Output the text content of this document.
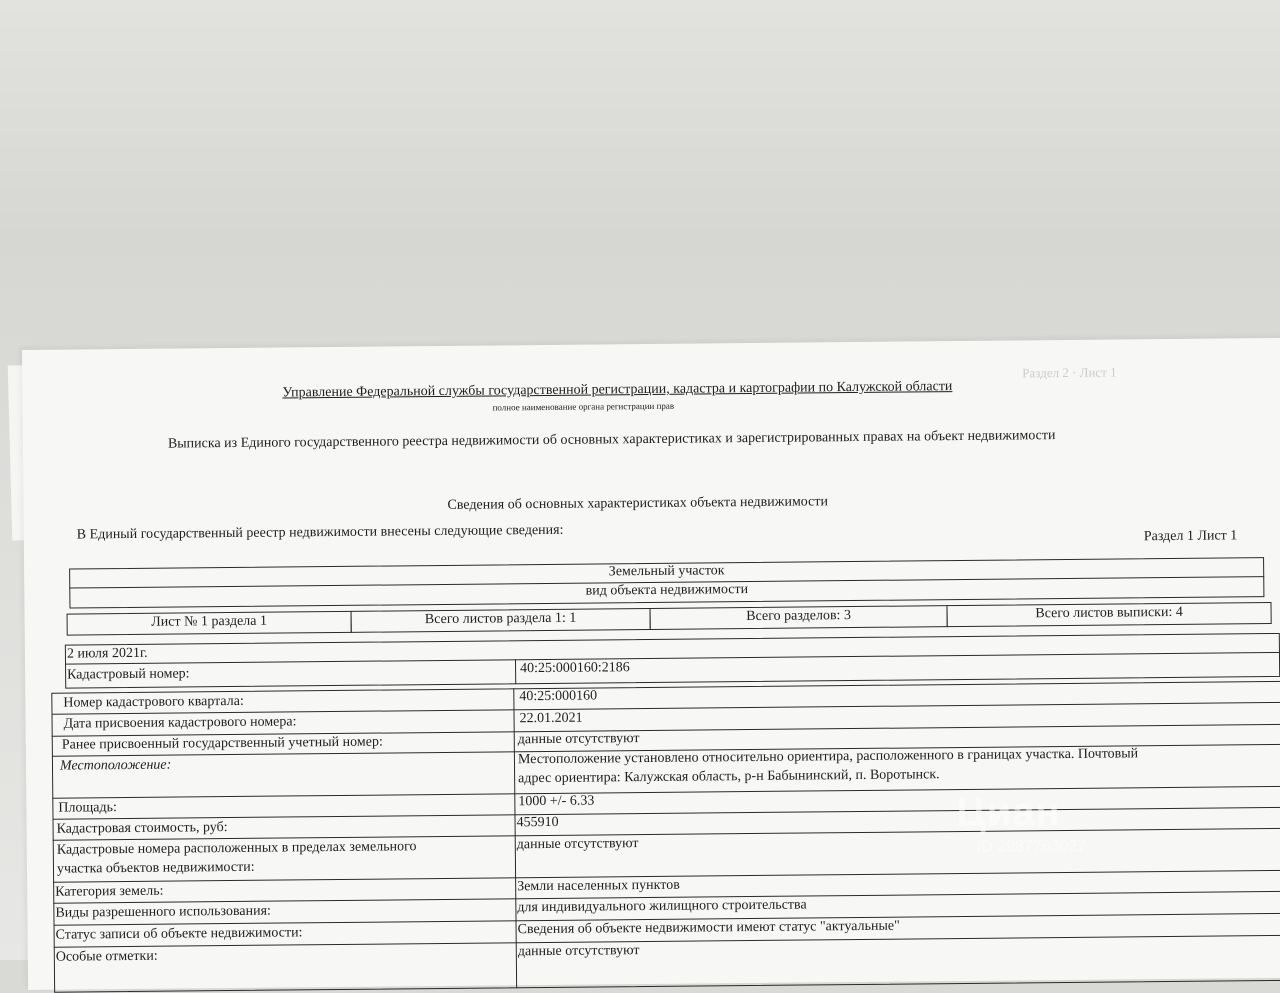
Раздел 2 · Лист 1
Управление Федеральной службы государственной регистрации, кадастра и картографии по Калужской области
полное наименование органа регистрации прав
Выписка из Единого государственного реестра недвижимости об основных характеристиках и зарегистрированных правах на объект недвижимости
Сведения об основных характеристиках объекта недвижимости
В Единый государственный реестр недвижимости внесены следующие сведения:	Раздел 1 Лист 1
Земельный участок
вид объекта недвижимости
Лист № 1 раздела 1	Всего листов раздела 1: 1	Всего разделов: 3	Всего листов выписки: 4
2 июля 2021г.
Кадастровый номер:	40:25:000160:2186
Номер кадастрового квартала:	40:25:000160
Дата присвоения кадастрового номера:	22.01.2021
Ранее присвоенный государственный учетный номер:	данные отсутствуют
Местоположение:	Местоположение установлено относительно ориентира, расположенного в границах участка. Почтовый
адрес ориентира: Калужская область, р-н Бабынинский, п. Воротынск.
Площадь:	1000 +/- 6.33
Кадастровая стоимость, руб:	455910
Кадастровые номера расположенных в пределах земельного
участка объектов недвижимости:
данные отсутствуют
Категория земель:	Земли населенных пунктов
Виды разрешенного использования:	для индивидуального жилищного строительства
Статус записи об объекте недвижимости:	Сведения об объекте недвижимости имеют статус "актуальные"
Особые отметки:	данные отсутствуют
Циан
ID 2987763027
